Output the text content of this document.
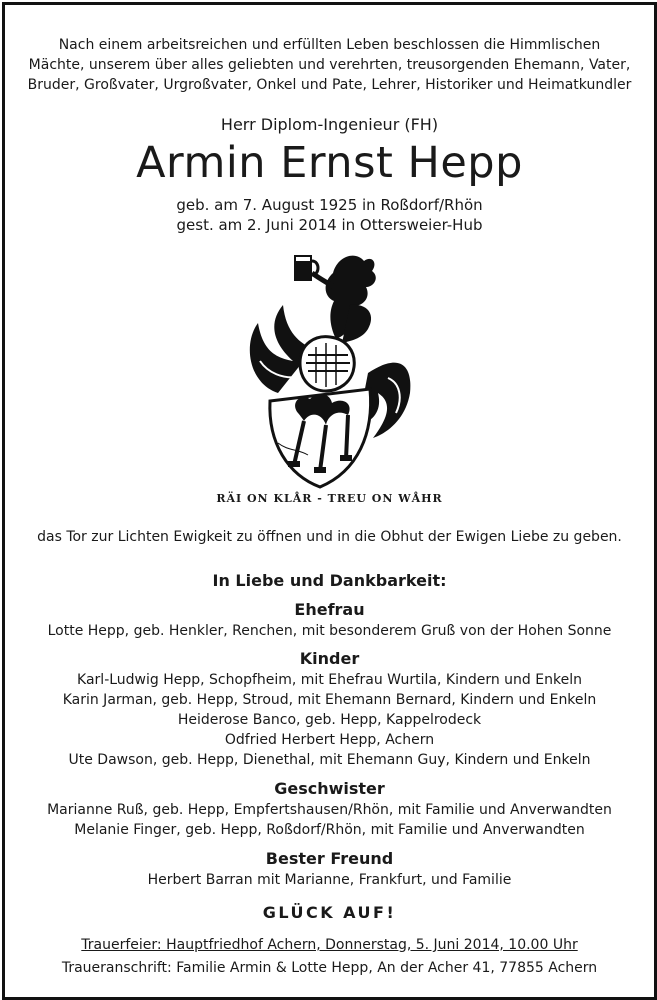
Nach einem arbeitsreichen und erfüllten Leben beschlossen die Himmlischen
Mächte, unserem über alles geliebten und verehrten, treusorgenden Ehemann, Vater,
Bruder, Großvater, Urgroßvater, Onkel und Pate, Lehrer, Historiker und Heimatkundler
Herr Diplom-Ingenieur (FH)
Armin Ernst Hepp
geb. am 7. August 1925 in Roßdorf/Rhön
gest. am 2. Juni 2014 in Ottersweier-Hub
RÄI ON KLÅR - TREU ON WÅHR
das Tor zur Lichten Ewigkeit zu öffnen und in die Obhut der Ewigen Liebe zu geben.
In Liebe und Dankbarkeit:
Ehefrau

Lotte Hepp, geb. Henkler, Renchen, mit besonderem Gruß von der Hohen Sonne

Kinder

Karl-Ludwig Hepp, Schopfheim, mit Ehefrau Wurtila, Kindern und Enkeln

Karin Jarman, geb. Hepp, Stroud, mit Ehemann Bernard, Kindern und Enkeln

Heiderose Banco, geb. Hepp, Kappelrodeck

Odfried Herbert Hepp, Achern

Ute Dawson, geb. Hepp, Dienethal, mit Ehemann Guy, Kindern und Enkeln

Geschwister

Marianne Ruß, geb. Hepp, Empfertshausen/Rhön, mit Familie und Anverwandten

Melanie Finger, geb. Hepp, Roßdorf/Rhön, mit Familie und Anverwandten

Bester Freund

Herbert Barran mit Marianne, Frankfurt, und Familie

GLÜCK AUF!
Trauerfeier: Hauptfriedhof Achern, Donnerstag, 5. Juni 2014, 10.00 Uhr
Traueranschrift: Familie Armin & Lotte Hepp, An der Acher 41, 77855 Achern
